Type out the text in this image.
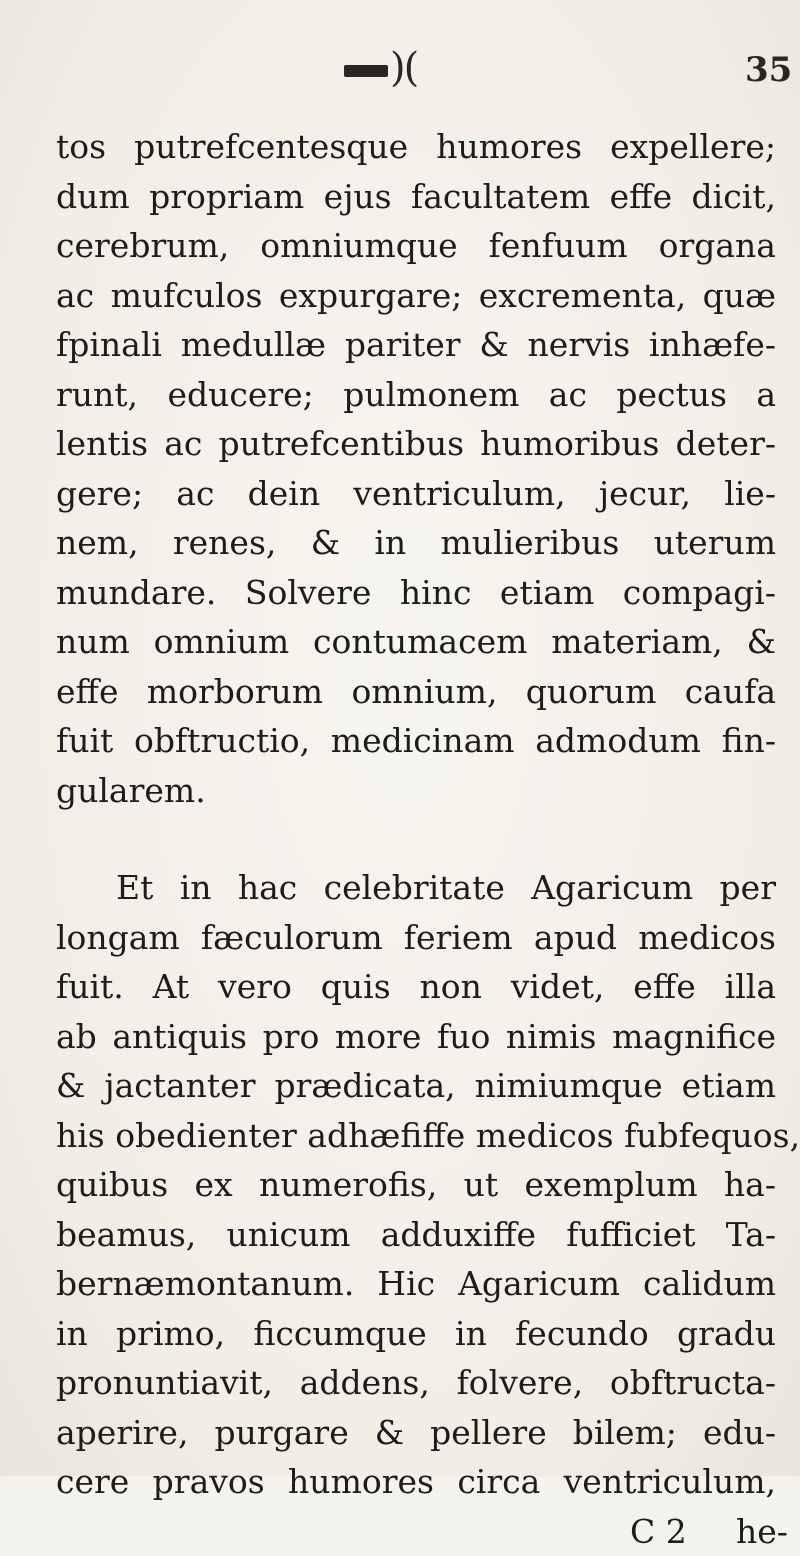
)(	35
tos putrefcentesque humores expellere;
dum propriam ejus facultatem effe dicit,
cerebrum, omniumque fenfuum organa
ac mufculos expurgare; excrementa, quæ
fpinali medullæ pariter & nervis inhæfe-
runt, educere; pulmonem ac pectus a
lentis ac putrefcentibus humoribus deter-
gere; ac dein ventriculum, jecur, lie-
nem, renes, & in mulieribus uterum
mundare. Solvere hinc etiam compagi-
num omnium contumacem materiam, &
effe morborum omnium, quorum caufa
fuit obftructio, medicinam admodum fin-
gularem.
Et in hac celebritate Agaricum per
longam fæculorum feriem apud medicos
fuit. At vero quis non videt, effe illa
ab antiquis pro more fuo nimis magnifice
& jactanter prædicata, nimiumque etiam
his obedienter adhæfiffe medicos fubfequos,
quibus ex numerofis, ut exemplum ha-
beamus, unicum adduxiffe fufficiet Ta-
bernæmontanum. Hic Agaricum calidum
in primo, ficcumque in fecundo gradu
pronuntiavit, addens, folvere, obftructa-
aperire, purgare & pellere bilem; edu-
cere pravos humores circa ventriculum,
C 2 he-
